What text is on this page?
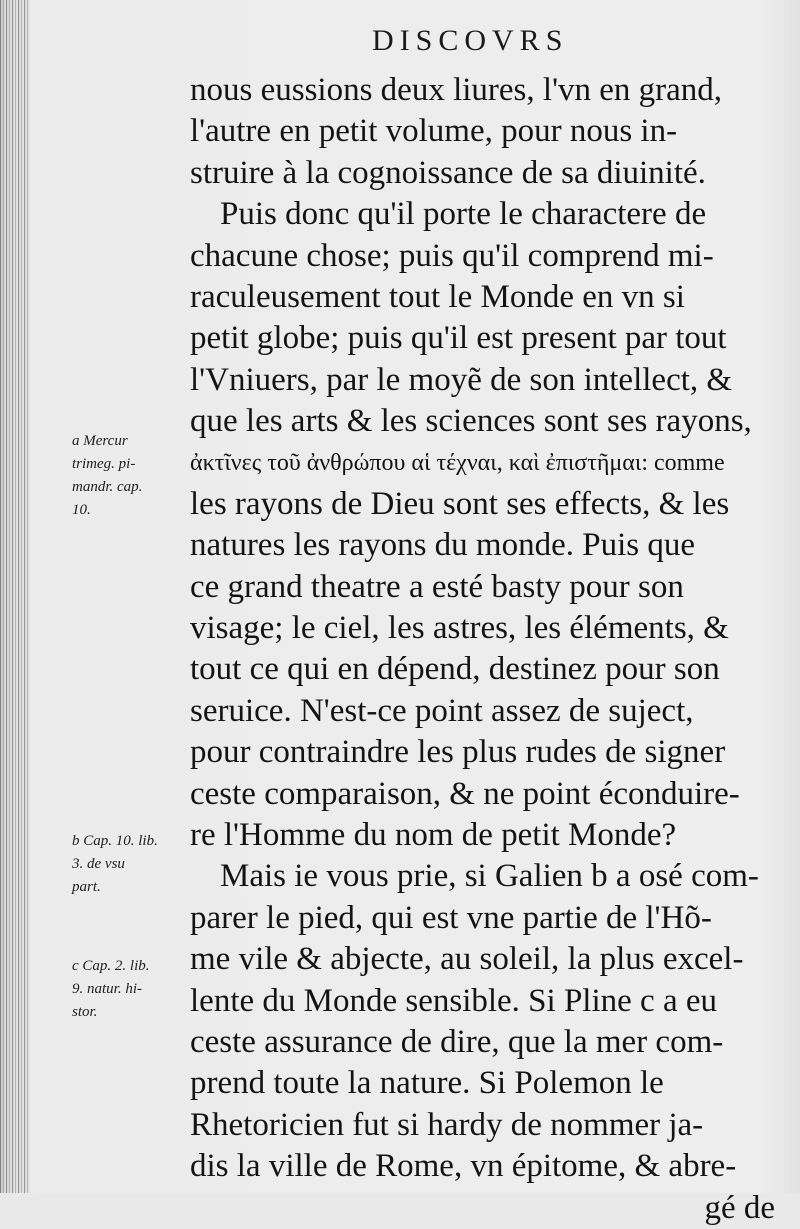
DISCOVRS
nous eussions deux liures, l'vn en grand,
l'autre en petit volume, pour nous in-
struire à la cognoissance de sa diuinité.
Puis donc qu'il porte le charactere de
chacune chose; puis qu'il comprend mi-
raculeusement tout le Monde en vn si
petit globe; puis qu'il est present par tout
l'Vniuers, par le moyẽ de son intellect, &
que les arts & les sciences sont ses rayons,
ἀκτῖνες τοῦ ἀνθρώπου αἱ τέχναι, καὶ ἐπιστῆμαι: comme
les rayons de Dieu sont ses effects, & les
natures les rayons du monde. Puis que
ce grand theatre a esté basty pour son
visage; le ciel, les astres, les éléments, &
tout ce qui en dépend, destinez pour son
seruice. N'est-ce point assez de suject,
pour contraindre les plus rudes de signer
ceste comparaison, & ne point éconduire-
re l'Homme du nom de petit Monde?
Mais ie vous prie, si Galien b a osé com-
parer le pied, qui est vne partie de l'Hõ-
me vile & abjecte, au soleil, la plus excel-
lente du Monde sensible. Si Pline c a eu
ceste assurance de dire, que la mer com-
prend toute la nature. Si Polemon le
Rhetoricien fut si hardy de nommer ja-
dis la ville de Rome, vn épitome, & abre-
gé de
a Mercur
trimeg. pi-
mandr. cap.
10.
b Cap. 10. lib.
3. de vsu
part.
c Cap. 2. lib.
9. natur. hi-
stor.
